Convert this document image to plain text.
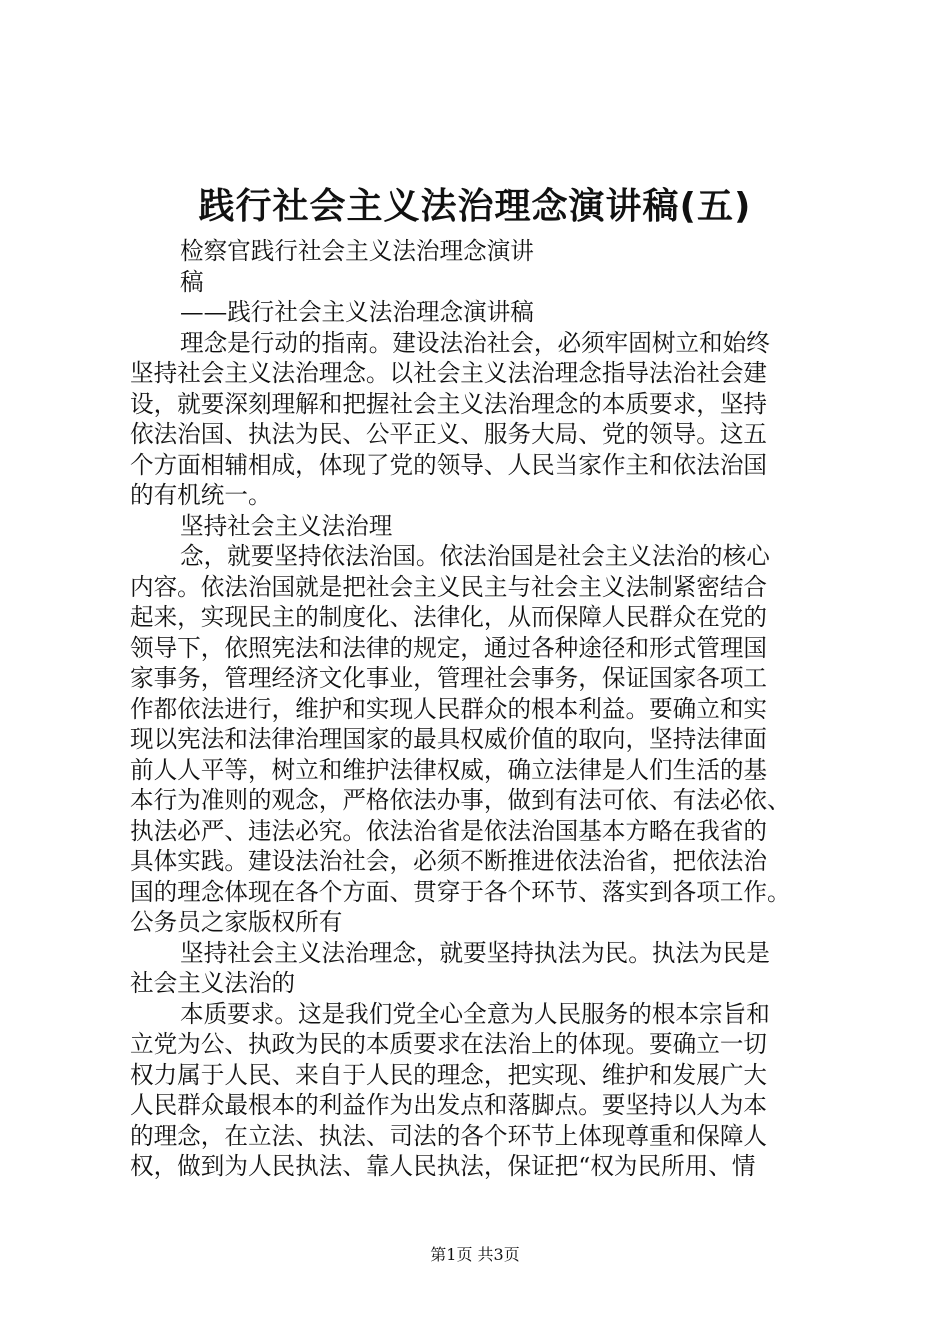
践行社会主义法治理念演讲稿(五)
检察官践行社会主义法治理念演讲
稿
——践行社会主义法治理念演讲稿
理念是行动的指南。建设法治社会，必须牢固树立和始终
坚持社会主义法治理念。以社会主义法治理念指导法治社会建
设，就要深刻理解和把握社会主义法治理念的本质要求，坚持
依法治国、执法为民、公平正义、服务大局、党的领导。这五
个方面相辅相成，体现了党的领导、人民当家作主和依法治国
的有机统一。
坚持社会主义法治理
念，就要坚持依法治国。依法治国是社会主义法治的核心
内容。依法治国就是把社会主义民主与社会主义法制紧密结合
起来，实现民主的制度化、法律化，从而保障人民群众在党的
领导下，依照宪法和法律的规定，通过各种途径和形式管理国
家事务，管理经济文化事业，管理社会事务，保证国家各项工
作都依法进行，维护和实现人民群众的根本利益。要确立和实
现以宪法和法律治理国家的最具权威价值的取向，坚持法律面
前人人平等，树立和维护法律权威，确立法律是人们生活的基
本行为准则的观念，严格依法办事，做到有法可依、有法必依、
执法必严、违法必究。依法治省是依法治国基本方略在我省的
具体实践。建设法治社会，必须不断推进依法治省，把依法治
国的理念体现在各个方面、贯穿于各个环节、落实到各项工作。
公务员之家版权所有
坚持社会主义法治理念，就要坚持执法为民。执法为民是
社会主义法治的
本质要求。这是我们党全心全意为人民服务的根本宗旨和
立党为公、执政为民的本质要求在法治上的体现。要确立一切
权力属于人民、来自于人民的理念，把实现、维护和发展广大
人民群众最根本的利益作为出发点和落脚点。要坚持以人为本
的理念，在立法、执法、司法的各个环节上体现尊重和保障人
权，做到为人民执法、靠人民执法，保证把“权为民所用、情
第1页 共3页
